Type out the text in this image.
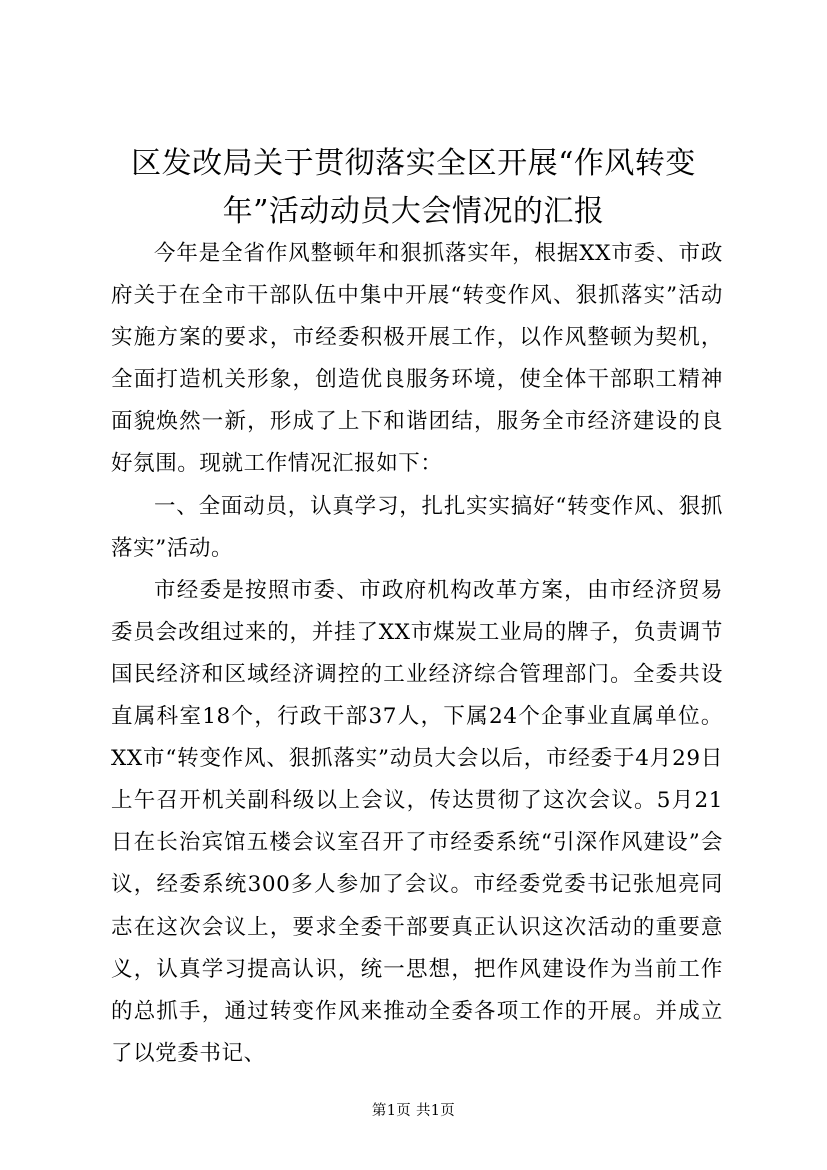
区发改局关于贯彻落实全区开展“作风转变
年”活动动员大会情况的汇报

今年是全省作风整顿年和狠抓落实年，根据XX市委、市政府关于在全市干部队伍中集中开展“转变作风、狠抓落实”活动实施方案的要求，市经委积极开展工作，以作风整顿为契机，全面打造机关形象，创造优良服务环境，使全体干部职工精神面貌焕然一新，形成了上下和谐团结，服务全市经济建设的良好氛围。现就工作情况汇报如下：

一、全面动员，认真学习，扎扎实实搞好“转变作风、狠抓落实”活动。

市经委是按照市委、市政府机构改革方案，由市经济贸易委员会改组过来的，并挂了XX市煤炭工业局的牌子，负责调节国民经济和区域经济调控的工业经济综合管理部门。全委共设直属科室18个，行政干部37人，下属24个企事业直属单位。XX市“转变作风、狠抓落实”动员大会以后，市经委于4月29日上午召开机关副科级以上会议，传达贯彻了这次会议。5月21日在长治宾馆五楼会议室召开了市经委系统“引深作风建设”会议，经委系统300多人参加了会议。市经委党委书记张旭亮同志在这次会议上，要求全委干部要真正认识这次活动的重要意义，认真学习提高认识，统一思想，把作风建设作为当前工作的总抓手，通过转变作风来推动全委各项工作的开展。并成立了以党委书记、

第1页 共1页
